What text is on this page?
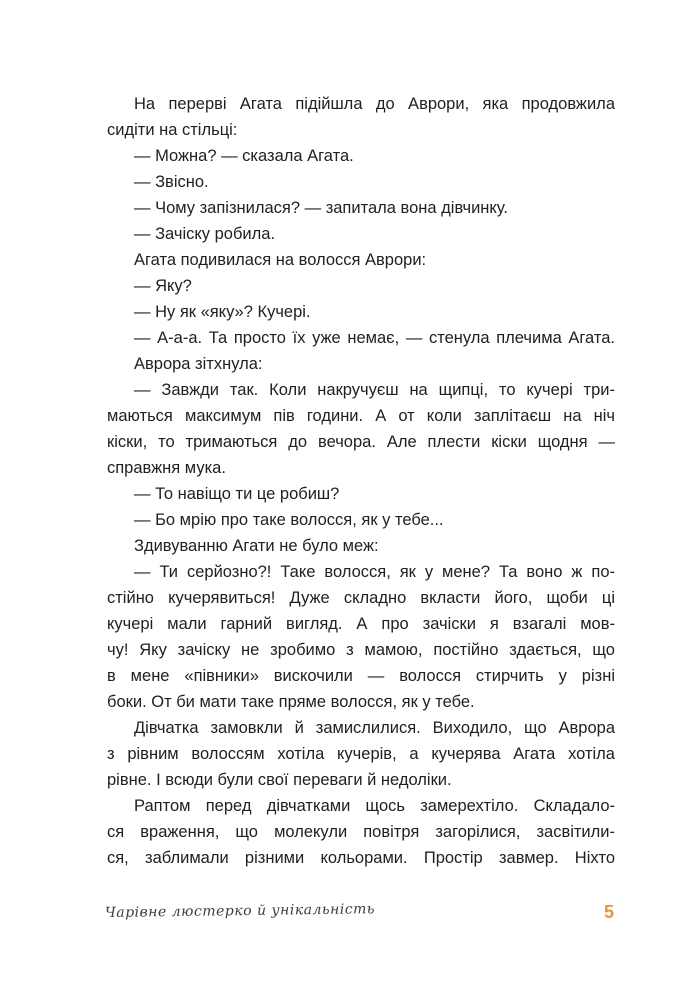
На перерві Агата підійшла до Аврори, яка продовжила
сидіти на стільці:
— Можна? — сказала Агата.
— Звісно.
— Чому запізнилася? — запитала вона дівчинку.
— Зачіску робила.
Агата подивилася на волосся Аврори:
— Яку?
— Ну як «яку»? Кучері.
— А-а-а. Та просто їх уже немає, — стенула плечима Агата.
Аврора зітхнула:
— Завжди так. Коли накручуєш на щипці, то кучері три-
маються максимум пів години. А от коли заплітаєш на ніч
кіски, то тримаються до вечора. Але плести кіски щодня —
справжня мука.
— То навіщо ти це робиш?
— Бо мрію про таке волосся, як у тебе...
Здивуванню Агати не було меж:
— Ти серйозно?! Таке волосся, як у мене? Та воно ж по-
стійно кучерявиться! Дуже складно вкласти його, щоби ці
кучері мали гарний вигляд. А про зачіски я взагалі мов-
чу! Яку зачіску не зробимо з мамою, постійно здається, що
в мене «півники» вискочили — волосся стирчить у різні
боки. От би мати таке пряме волосся, як у тебе.
Дівчатка замовкли й замислилися. Виходило, що Аврора
з рівним волоссям хотіла кучерів, а кучерява Агата хотіла
рівне. І всюди були свої переваги й недоліки.
Раптом перед дівчатками щось замерехтіло. Складало-
ся враження, що молекули повітря загорілися, засвітили-
ся, заблимали різними кольорами. Простір завмер. Ніхто
Чарівне люстерко й унікальність	5
